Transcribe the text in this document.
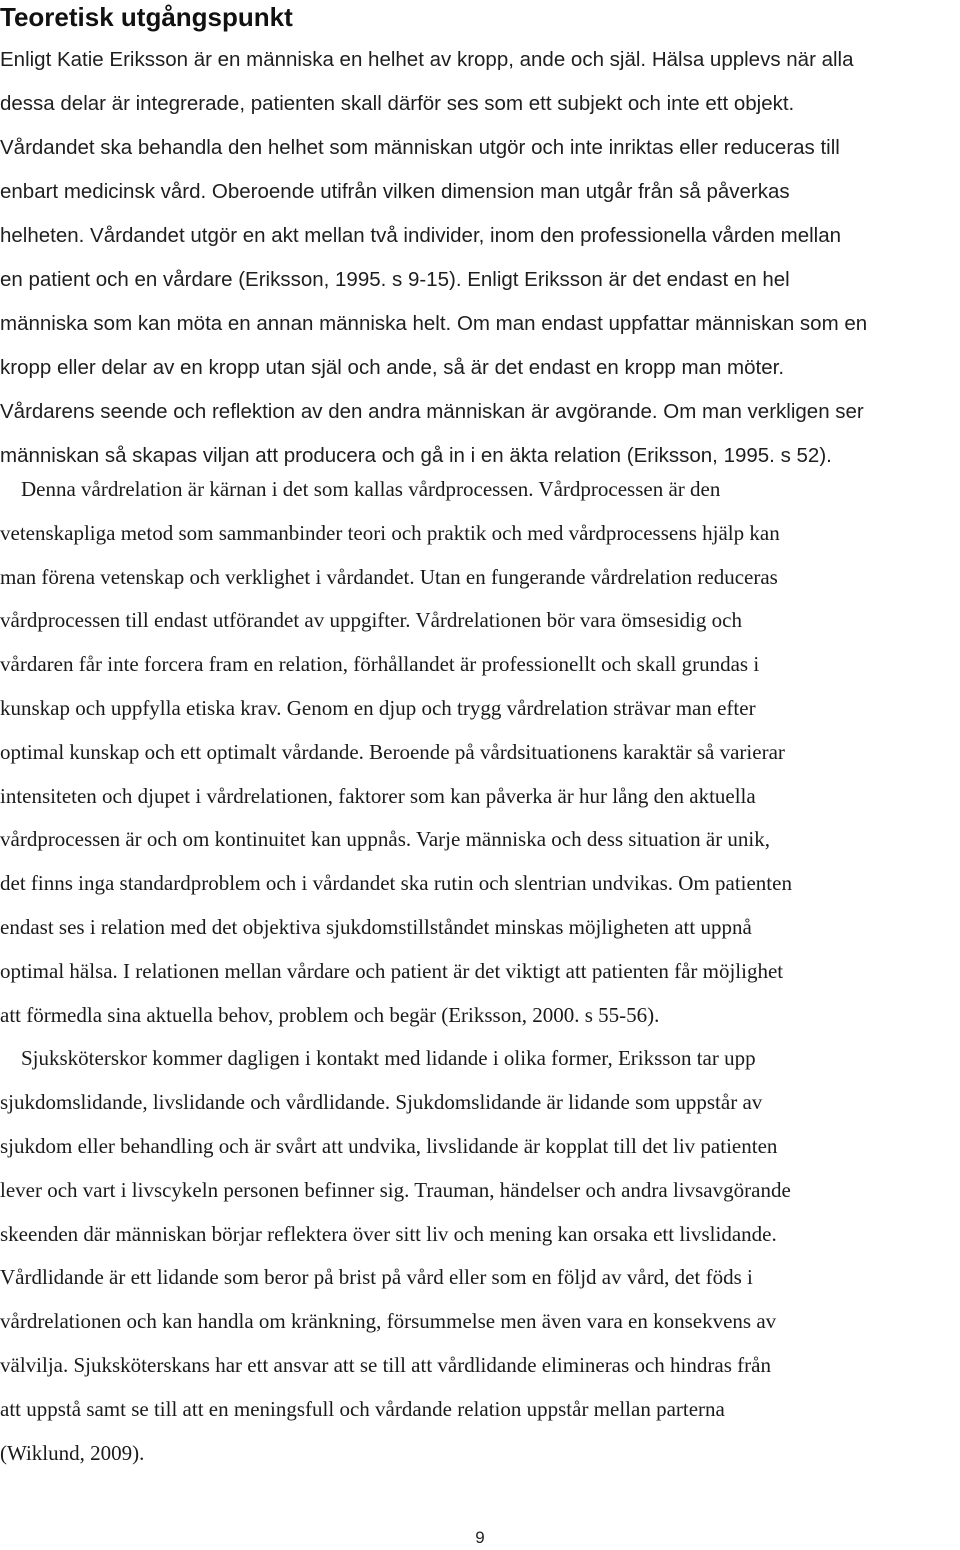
Teoretisk utgångspunkt
Enligt Katie Eriksson är en människa en helhet av kropp, ande och själ. Hälsa upplevs när alla
dessa delar är integrerade, patienten skall därför ses som ett subjekt och inte ett objekt.
Vårdandet ska behandla den helhet som människan utgör och inte inriktas eller reduceras till
enbart medicinsk vård. Oberoende utifrån vilken dimension man utgår från så påverkas
helheten. Vårdandet utgör en akt mellan två individer, inom den professionella vården mellan
en patient och en vårdare (Eriksson, 1995. s 9-15). Enligt Eriksson är det endast en hel
människa som kan möta en annan människa helt. Om man endast uppfattar människan som en
kropp eller delar av en kropp utan själ och ande, så är det endast en kropp man möter.
Vårdarens seende och reflektion av den andra människan är avgörande. Om man verkligen ser
människan så skapas viljan att producera och gå in i en äkta relation (Eriksson, 1995. s 52).
Denna vårdrelation är kärnan i det som kallas vårdprocessen. Vårdprocessen är den
vetenskapliga metod som sammanbinder teori och praktik och med vårdprocessens hjälp kan
man förena vetenskap och verklighet i vårdandet. Utan en fungerande vårdrelation reduceras
vårdprocessen till endast utförandet av uppgifter. Vårdrelationen bör vara ömsesidig och
vårdaren får inte forcera fram en relation, förhållandet är professionellt och skall grundas i
kunskap och uppfylla etiska krav. Genom en djup och trygg vårdrelation strävar man efter
optimal kunskap och ett optimalt vårdande. Beroende på vårdsituationens karaktär så varierar
intensiteten och djupet i vårdrelationen, faktorer som kan påverka är hur lång den aktuella
vårdprocessen är och om kontinuitet kan uppnås. Varje människa och dess situation är unik,
det finns inga standardproblem och i vårdandet ska rutin och slentrian undvikas. Om patienten
endast ses i relation med det objektiva sjukdomstillståndet minskas möjligheten att uppnå
optimal hälsa. I relationen mellan vårdare och patient är det viktigt att patienten får möjlighet
att förmedla sina aktuella behov, problem och begär (Eriksson, 2000. s 55-56).
Sjuksköterskor kommer dagligen i kontakt med lidande i olika former, Eriksson tar upp
sjukdomslidande, livslidande och vårdlidande. Sjukdomslidande är lidande som uppstår av
sjukdom eller behandling och är svårt att undvika, livslidande är kopplat till det liv patienten
lever och vart i livscykeln personen befinner sig. Trauman, händelser och andra livsavgörande
skeenden där människan börjar reflektera över sitt liv och mening kan orsaka ett livslidande.
Vårdlidande är ett lidande som beror på brist på vård eller som en följd av vård, det föds i
vårdrelationen och kan handla om kränkning, försummelse men även vara en konsekvens av
välvilja. Sjuksköterskans har ett ansvar att se till att vårdlidande elimineras och hindras från
att uppstå samt se till att en meningsfull och vårdande relation uppstår mellan parterna
(Wiklund, 2009).
9
